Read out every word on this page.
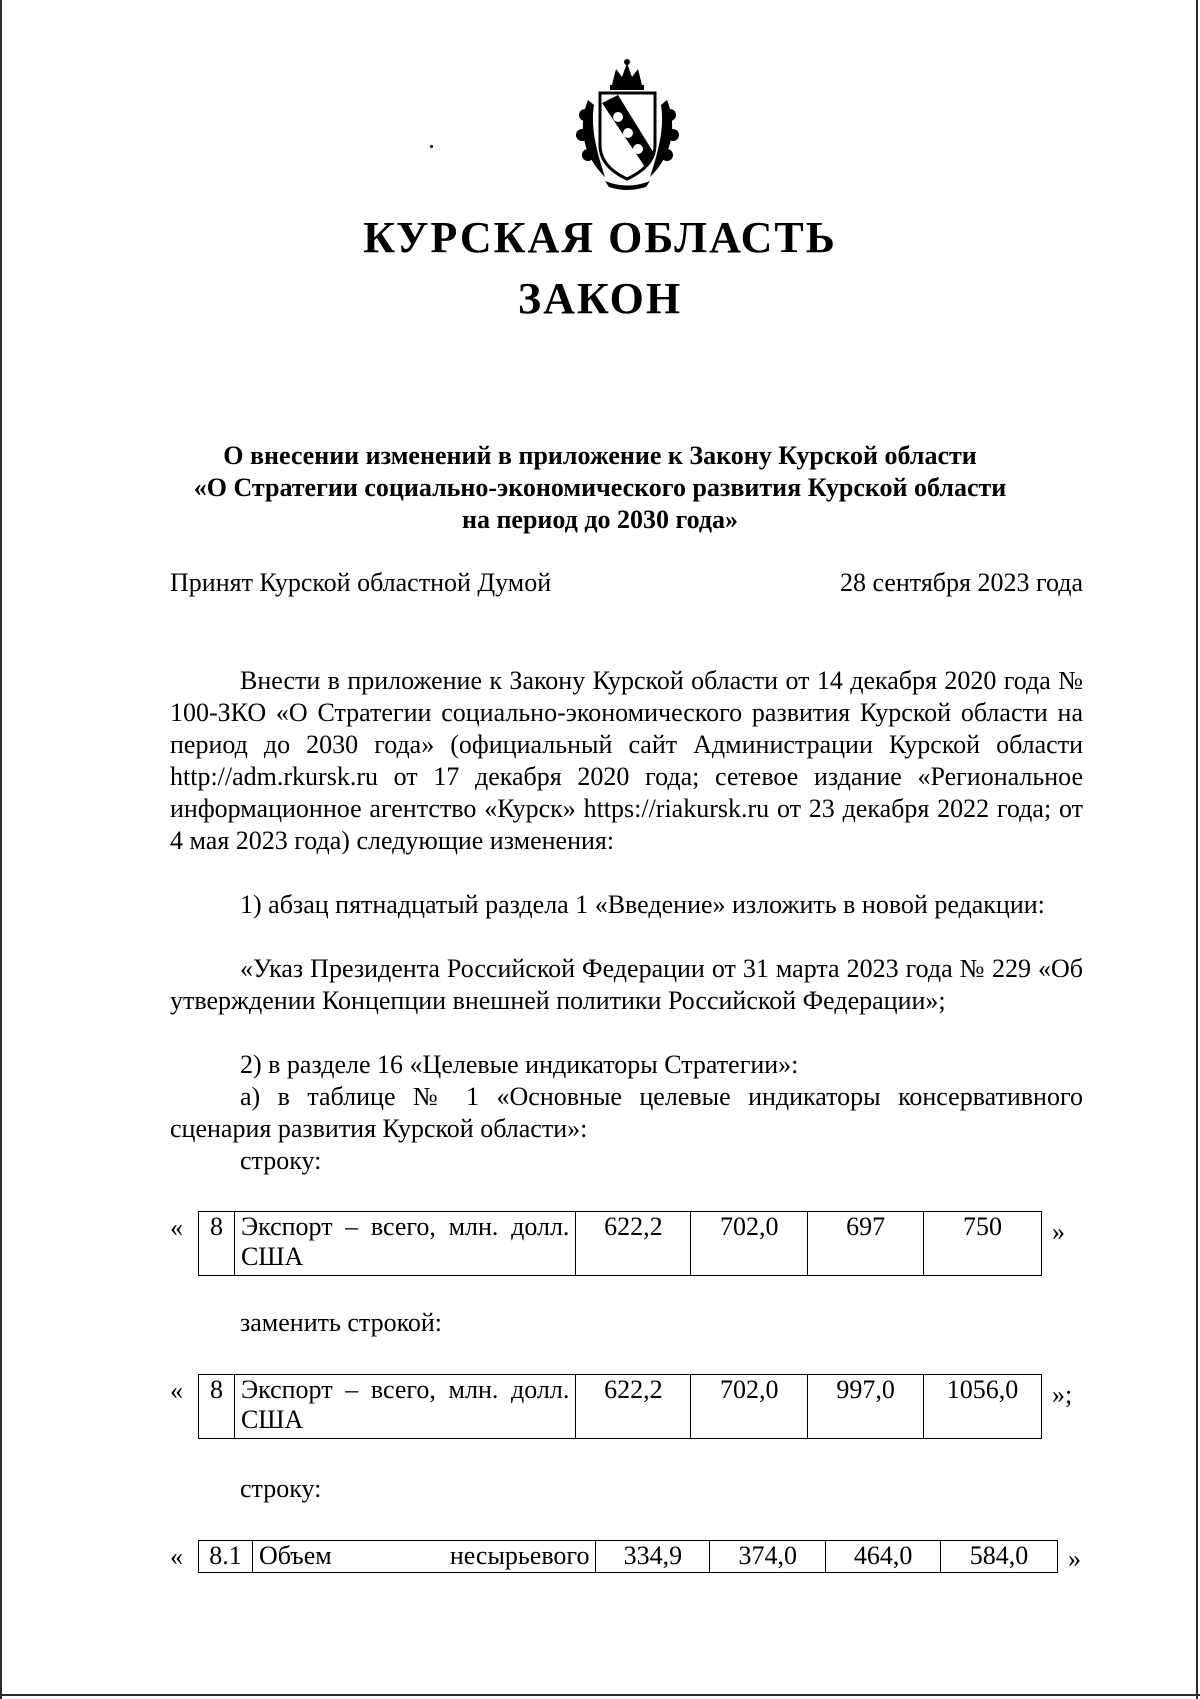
КУРСКАЯ ОБЛАСТЬ
ЗАКОН
О внесении изменений в приложение к Закону Курской области
«О Стратегии социально-экономического развития Курской области
на период до 2030 года»
Принят Курской областной Думой	28 сентября 2023 года

Внести в приложение к Закону Курской области от 14 декабря 2020 года № 100-ЗКО «О Стратегии социально-экономического развития Курской области на период до 2030 года» (официальный сайт Администрации Курской области http://adm.rkursk.ru от 17 декабря 2020 года; сетевое издание «Региональное информационное агентство «Курск» https://riakursk.ru от 23 декабря 2022 года; от 4 мая 2023 года) следующие изменения:

1) абзац пятнадцатый раздела 1 «Введение» изложить в новой редакции:

«Указ Президента Российской Федерации от 31 марта 2023 года № 229 «Об утверждении Концепции внешней политики Российской Федерации»;

2) в разделе 16 «Целевые индикаторы Стратегии»:

а) в таблице № 1 «Основные целевые индикаторы консервативного сценария развития Курской области»:

строку:

« 8	Экспорт – всего, млн. долл. США	622,2	702,0	697	750 »

заменить строкой:

« 8	Экспорт – всего, млн. долл. США	622,2	702,0	997,0	1056,0 »;

строку:

« 8.1	Объем несырьевого	334,9	374,0	464,0	584,0 »
